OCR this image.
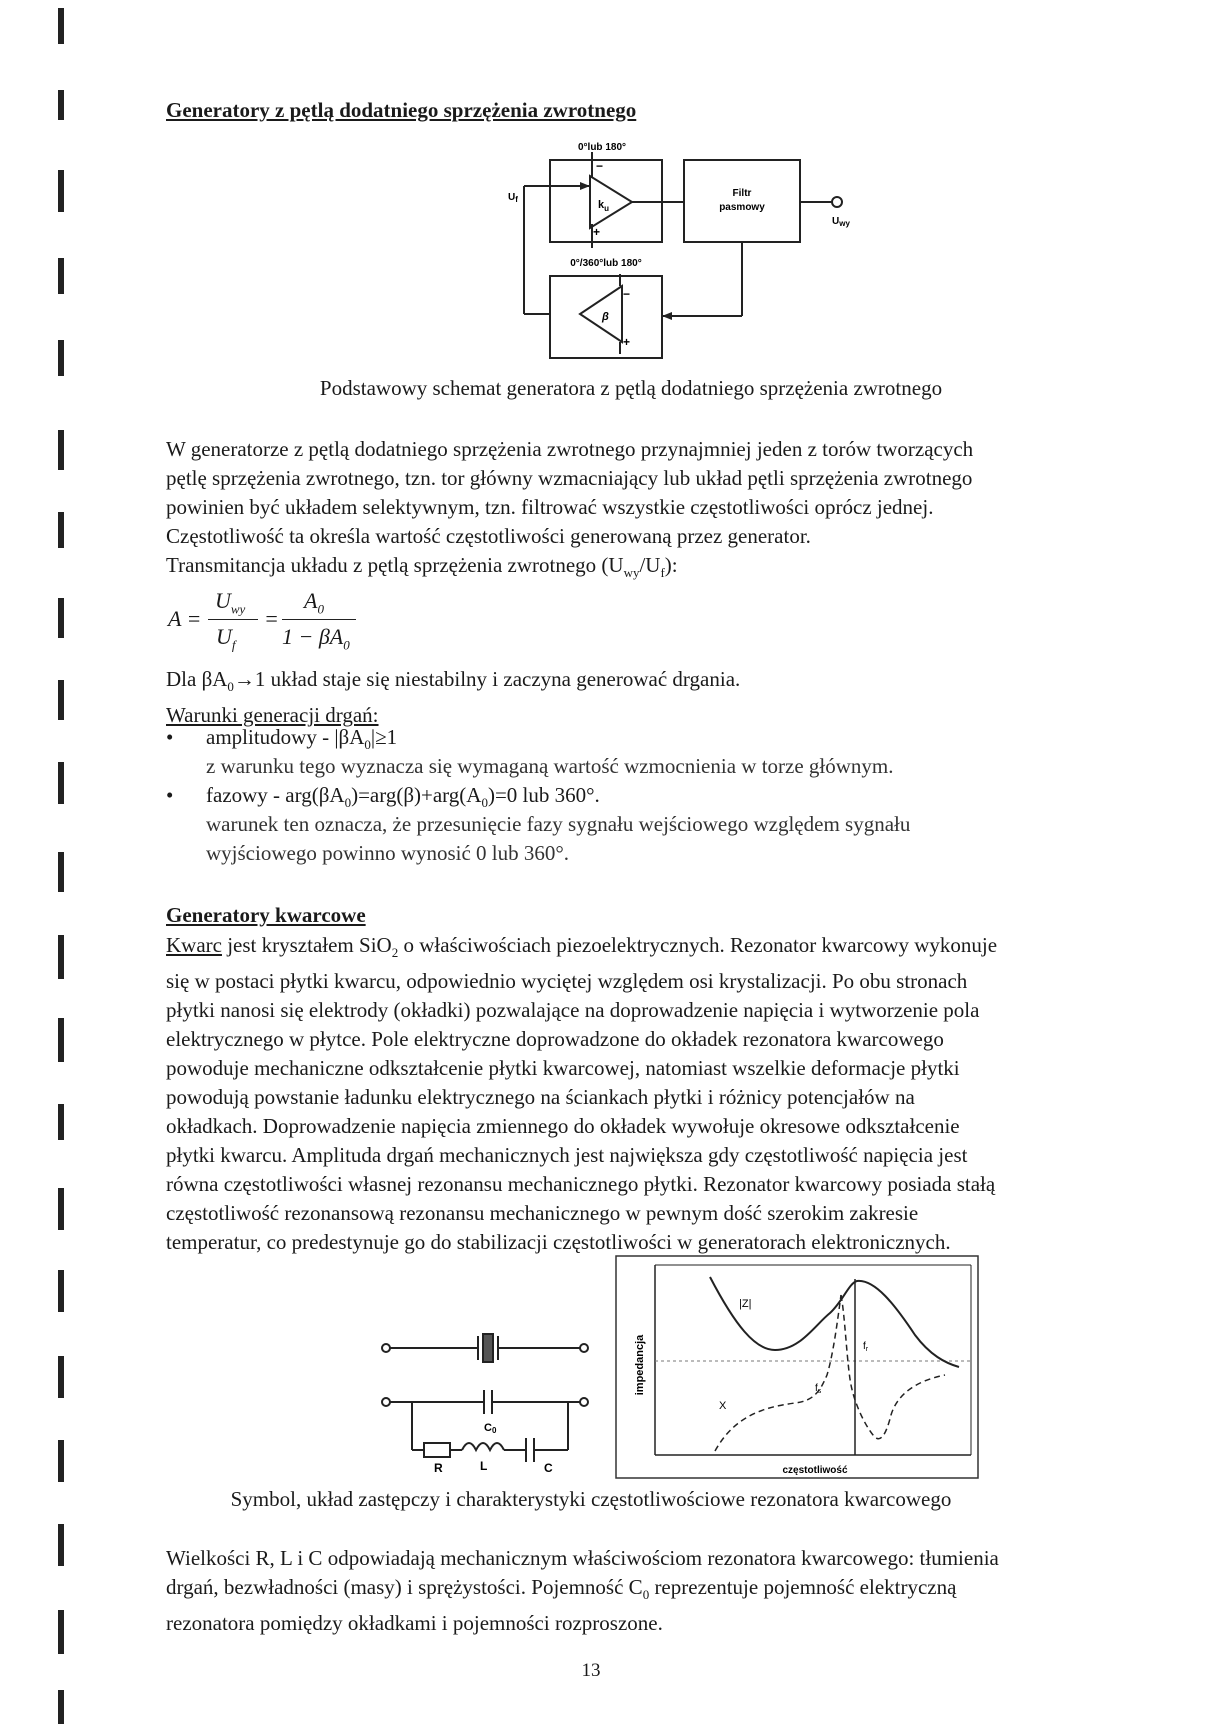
Generatory z pętlą dodatniego sprzężenia zwrotnego
0°lub 180°
$k_u$
−
+
Filtr
pasmowy
$U_f$
$U_{wy}$
0°/360°lub 180°
β
−
+
Podstawowy schemat generatora z pętlą dodatniego sprzężenia zwrotnego
W generatorze z pętlą dodatniego sprzężenia zwrotnego przynajmniej jeden z torów tworzących
pętlę sprzężenia zwrotnego, tzn. tor główny wzmacniający lub układ pętli sprzężenia zwrotnego
powinien być układem selektywnym, tzn. filtrować wszystkie częstotliwości oprócz jednej.
Częstotliwość ta określa wartość częstotliwości generowaną przez generator.
Transmitancja układu z pętlą sprzężenia zwrotnego $(U_{wy}/U_f)$:
A =
$U_{wy}$
$U_f$
=
$A_0$
$1 - \beta A_0$
Dla $\beta A_0\to 1$ układ staje się niestabilny i zaczyna generować drgania.
Warunki generacji drgań:
• amplitudowy - $|\beta A_0|\ge 1$
z warunku tego wyznacza się wymaganą wartość wzmocnienia w torze głównym.
• fazowy - $arg(\beta A_0)=arg(\beta)+arg(A_0)=0$ lub 360°.
warunek ten oznacza, że przesunięcie fazy sygnału wejściowego względem sygnału
wyjściowego powinno wynosić 0 lub 360°.
Generatory kwarcowe
Kwarc jest kryształem SiO$_2$ o właściwościach piezoelektrycznych. Rezonator kwarcowy wykonuje
się w postaci płytki kwarcu, odpowiednio wyciętej względem osi krystalizacji. Po obu stronach
płytki nanosi się elektrody (okładki) pozwalające na doprowadzenie napięcia i wytworzenie pola
elektrycznego w płytce. Pole elektryczne doprowadzone do okładek rezonatora kwarcowego
powoduje mechaniczne odkształcenie płytki kwarcowej, natomiast wszelkie deformacje płytki
powodują powstanie ładunku elektrycznego na ściankach płytki i różnicy potencjałów na
okładkach. Doprowadzenie napięcia zmiennego do okładek wywołuje okresowe odkształcenie
płytki kwarcu. Amplituda drgań mechanicznych jest największa gdy częstotliwość napięcia jest
równa częstotliwości własnej rezonansu mechanicznego płytki. Rezonator kwarcowy posiada stałą
częstotliwość rezonansową rezonansu mechanicznego w pewnym dość szerokim zakresie
temperatur, co predestynuje go do stabilizacji częstotliwości w generatorach elektronicznych.
C0
R	L	C
impedancja
częstotliwość
|Z|
X
$f_r$
$f_s$
Symbol, układ zastępczy i charakterystyki częstotliwościowe rezonatora kwarcowego
Wielkości R, L i C odpowiadają mechanicznym właściwościom rezonatora kwarcowego: tłumienia
drgań, bezwładności (masy) i sprężystości. Pojemność $C_0$ reprezentuje pojemność elektryczną
rezonatora pomiędzy okładkami i pojemności rozproszone.
13
